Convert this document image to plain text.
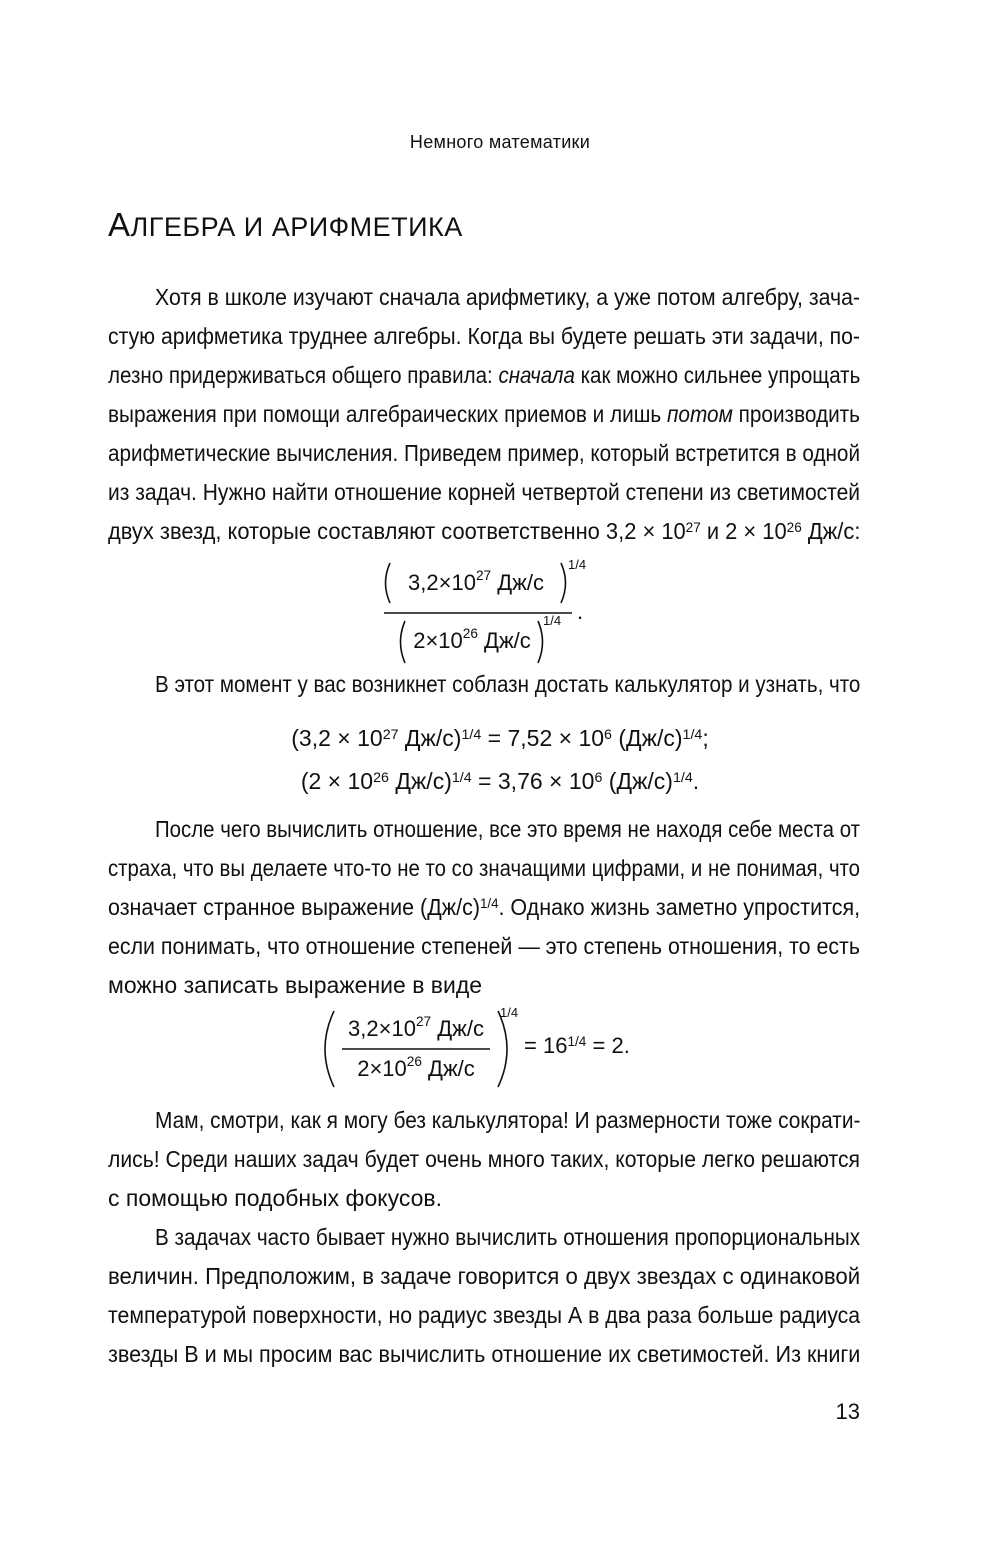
Немного математики
АЛГЕБРА И АРИФМЕТИКА
Хотя в школе изучают сначала арифметику, а уже потом алгебру, зача-
стую арифметика труднее алгебры. Когда вы будете решать эти задачи, по-
лезно придерживаться общего правила: сначала как можно сильнее упрощать
выражения при помощи алгебраических приемов и лишь потом производить
арифметические вычисления. Приведем пример, который встретится в одной
из задач. Нужно найти отношение корней четвертой степени из светимостей
двух звезд, которые составляют соответственно $3,2 \times 10^{27}$ и $2 \times 10^{26}$ Дж/с:
$3,2\times 10^{27}$
Дж/с
1/4
$2\times 10^{26}$
Дж/с
1/4 .
В этот момент у вас возникнет соблазн достать калькулятор и узнать, что
($3,2 \times 10^{27}$ $Дж/с)^{1/4} = 7,52 \times 10^6$ $(Дж/с)^{1/4}$;
($2 \times 10^{26}$ $Дж/с)^{1/4} = 3,76 \times 10^6$ $(Дж/с)^{1/4}$.
После чего вычислить отношение, все это время не находя себе места от
страха, что вы делаете что-то не то со значащими цифрами, и не понимая, что
означает странное выражение $(Дж/с)^{1/4}$. Однако жизнь заметно упростится,
если понимать, что отношение степеней — это степень отношения, то есть
можно записать выражение в виде
$3,2\times 10^{27}$
Дж/с
$2\times 10^{26}$
Дж/с
1/4
= $16^{1/4} = 2$.
Мам, смотри, как я могу без калькулятора! И размерности тоже сократи-
лись! Среди наших задач будет очень много таких, которые легко решаются
с помощью подобных фокусов.
В задачах часто бывает нужно вычислить отношения пропорциональных
величин. Предположим, в задаче говорится о двух звездах с одинаковой
температурой поверхности, но радиус звезды А в два раза больше радиуса
звезды В и мы просим вас вычислить отношение их светимостей. Из книги
13
